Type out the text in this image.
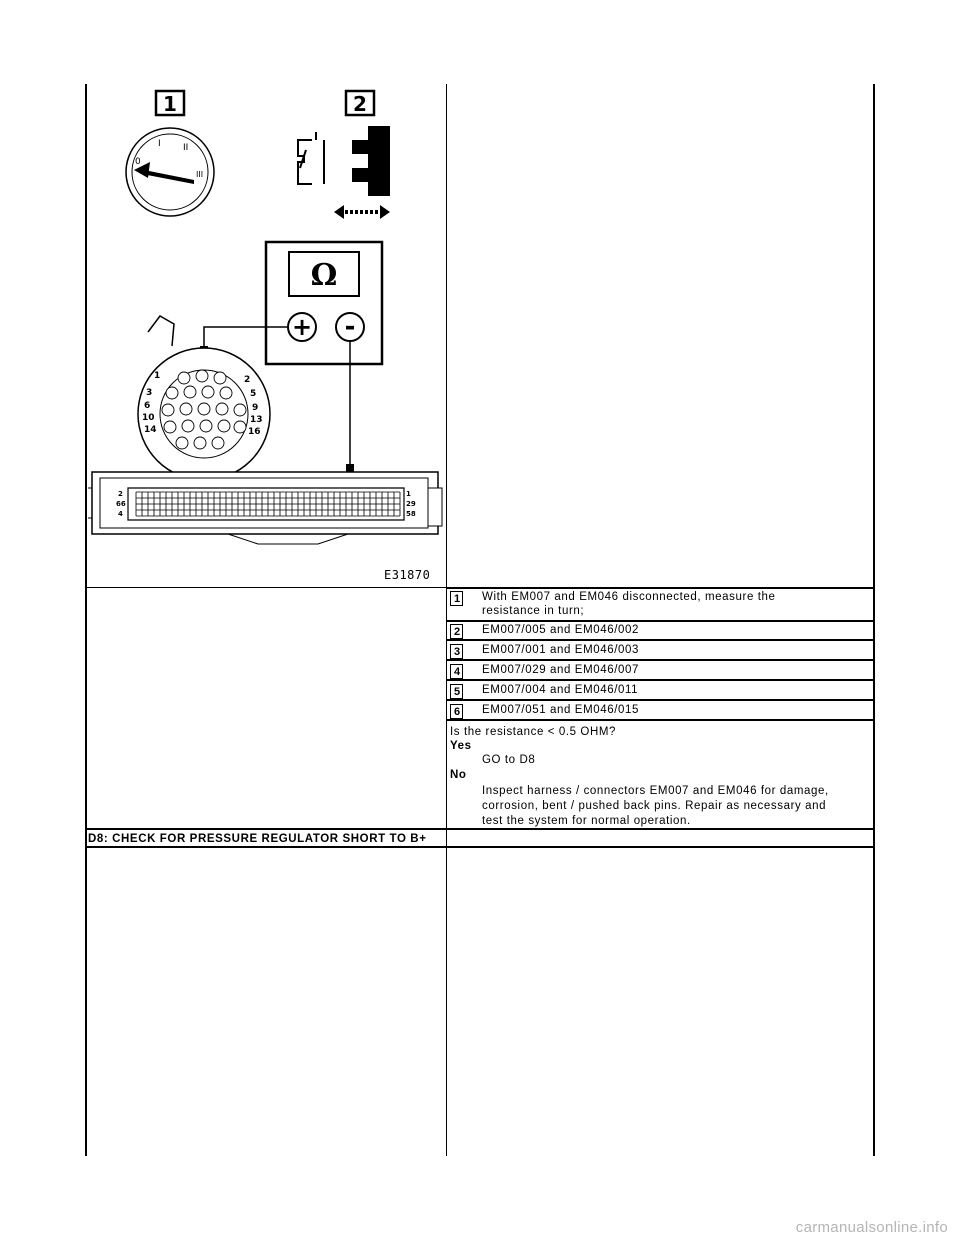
1	2
0
I II
III
Ω
+ -
1	2
3	5
6	9
10	13
14	16
2
66
4
1
29
58
E31870
1 With EM007 and EM046 disconnected, measure the
resistance in turn;
2 EM007/005 and EM046/002
3 EM007/001 and EM046/003
4 EM007/029 and EM046/007
5 EM007/004 and EM046/011
6 EM007/051 and EM046/015
Is the resistance < 0.5 OHM?
Yes
GO to D8
No
Inspect harness / connectors EM007 and EM046 for damage,
corrosion, bent / pushed back pins. Repair as necessary and
test the system for normal operation.
D8: CHECK FOR PRESSURE REGULATOR SHORT TO B+
carmanualsonline.info
